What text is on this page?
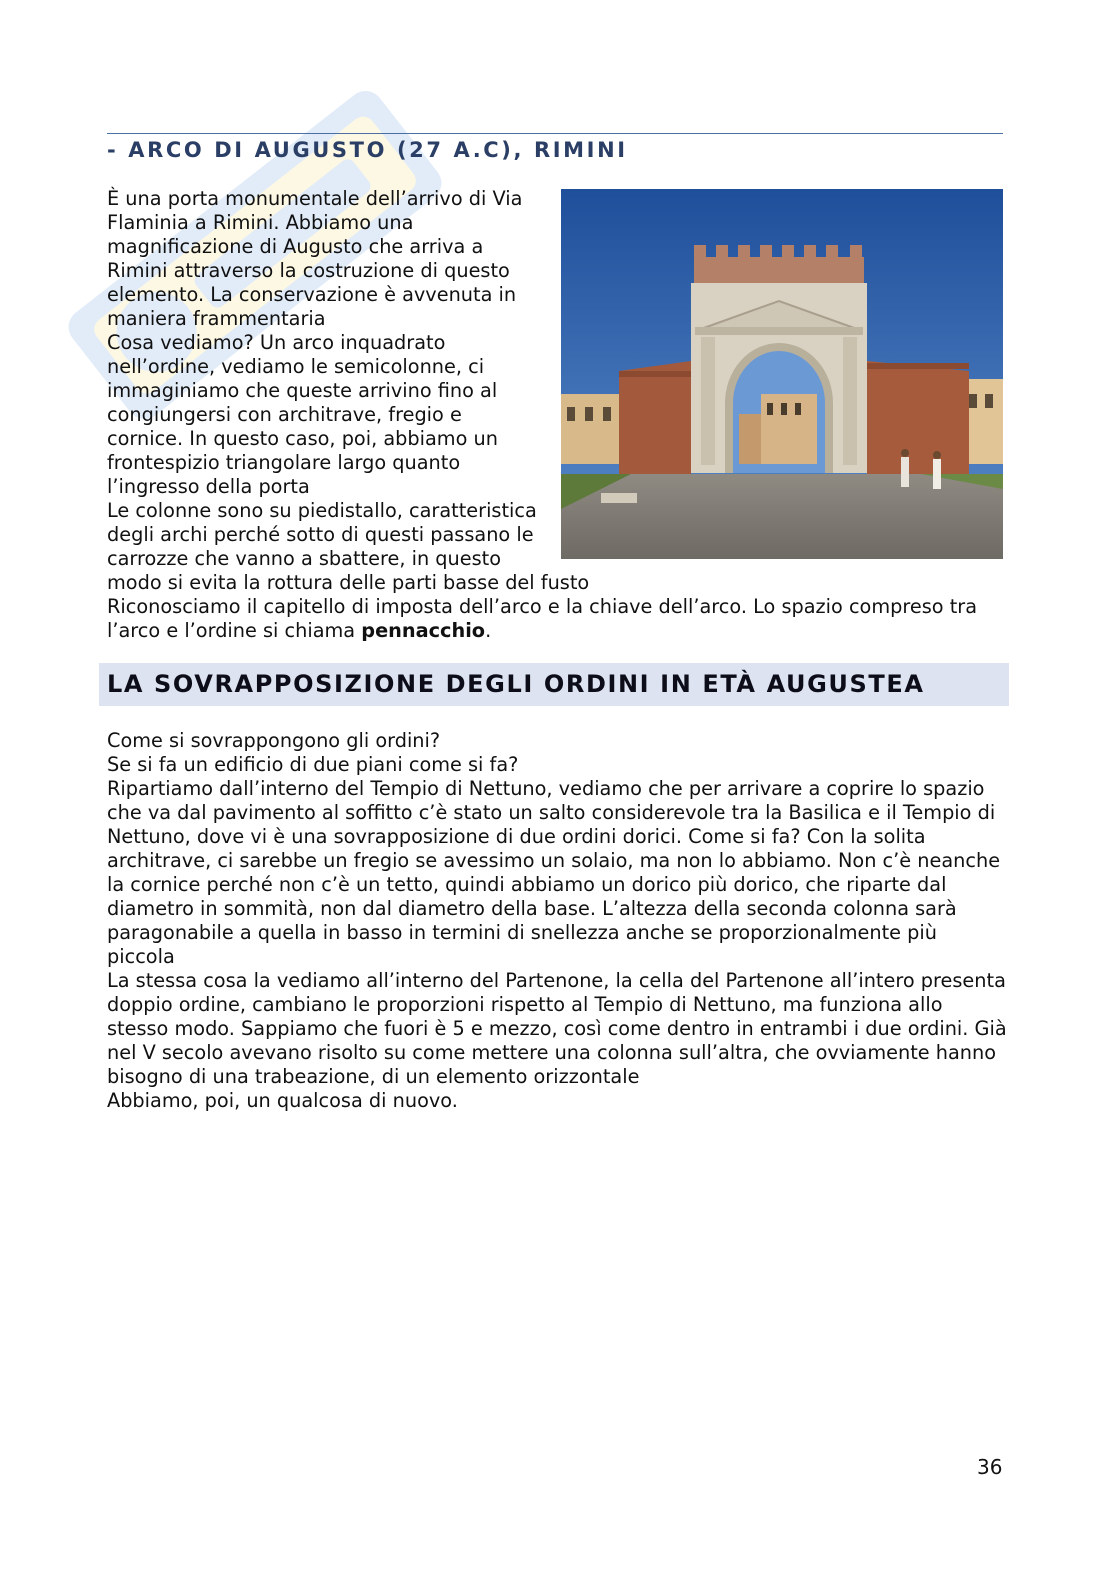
- ARCO DI AUGUSTO (27 A.C), RIMINI

È una porta monumentale dell’arrivo di Via Flaminia a Rimini. Abbiamo una magnificazione di Augusto che arriva a Rimini attraverso la costruzione di questo elemento. La conservazione è avvenuta in maniera frammentaria

Cosa vediamo? Un arco inquadrato nell’ordine, vediamo le semicolonne, ci immaginiamo che queste arrivino fino al congiungersi con architrave, fregio e cornice. In questo caso, poi, abbiamo un frontespizio triangolare largo quanto l’ingresso della porta

Le colonne sono su piedistallo, caratteristica degli archi perché sotto di questi passano le carrozze che vanno a sbattere, in questo modo si evita la rottura delle parti basse del fusto

Riconosciamo il capitello di imposta dell’arco e la chiave dell’arco. Lo spazio compreso tra l’arco e l’ordine si chiama pennacchio.

LA SOVRAPPOSIZIONE DEGLI ORDINI IN ETÀ AUGUSTEA

Come si sovrappongono gli ordini?

Se si fa un edificio di due piani come si fa?

Ripartiamo dall’interno del Tempio di Nettuno, vediamo che per arrivare a coprire lo spazio che va dal pavimento al soffitto c’è stato un salto considerevole tra la Basilica e il Tempio di Nettuno, dove vi è una sovrapposizione di due ordini dorici. Come si fa? Con la solita architrave, ci sarebbe un fregio se avessimo un solaio, ma non lo abbiamo. Non c’è neanche la cornice perché non c’è un tetto, quindi abbiamo un dorico più dorico, che riparte dal diametro in sommità, non dal diametro della base. L’altezza della seconda colonna sarà paragonabile a quella in basso in termini di snellezza anche se proporzionalmente più piccola

La stessa cosa la vediamo all’interno del Partenone, la cella del Partenone all’intero presenta doppio ordine, cambiano le proporzioni rispetto al Tempio di Nettuno, ma funziona allo stesso modo. Sappiamo che fuori è 5 e mezzo, così come dentro in entrambi i due ordini. Già nel V secolo avevano risolto su come mettere una colonna sull’altra, che ovviamente hanno bisogno di una trabeazione, di un elemento orizzontale

Abbiamo, poi, un qualcosa di nuovo.

36
